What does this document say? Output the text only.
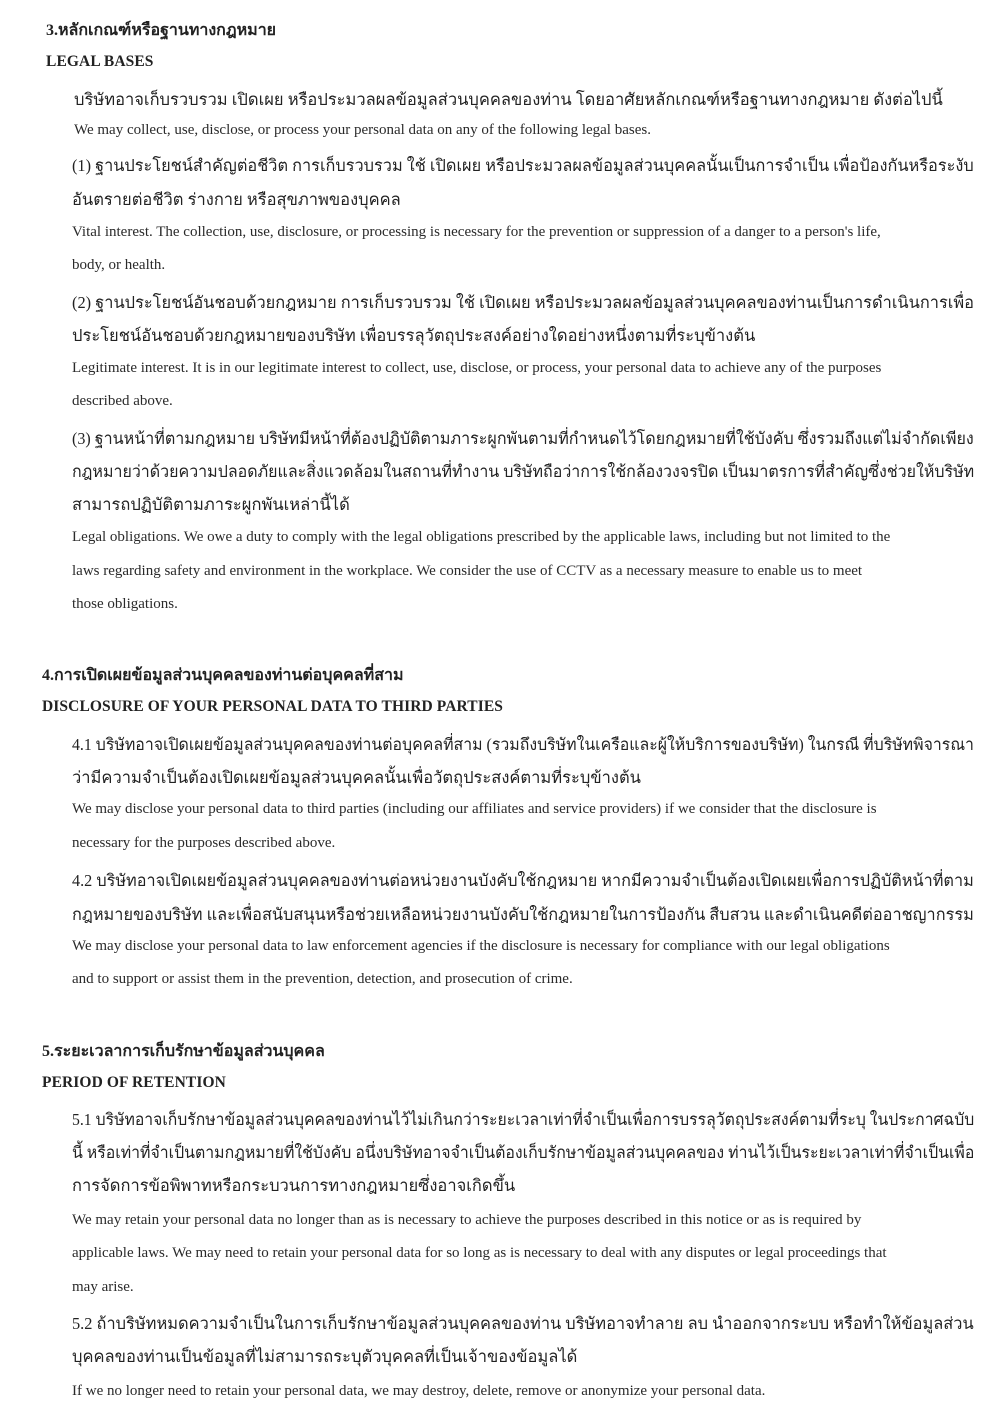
3.หลักเกณฑ์หรือฐานทางกฎหมาย
LEGAL BASES
บริษัทอาจเก็บรวบรวม เปิดเผย หรือประมวลผลข้อมูลส่วนบุคคลของท่าน โดยอาศัยหลักเกณฑ์หรือฐานทางกฎหมาย ดังต่อไปนี้
We may collect, use, disclose, or process your personal data on any of the following legal bases.
(1) ฐานประโยชน์สำคัญต่อชีวิต การเก็บรวบรวม ใช้ เปิดเผย หรือประมวลผลข้อมูลส่วนบุคคลนั้นเป็นการจำเป็น เพื่อป้องกันหรือระงับ
อันตรายต่อชีวิต ร่างกาย หรือสุขภาพของบุคคล
Vital interest. The collection, use, disclosure, or processing is necessary for the prevention or suppression of a danger to a person's life,
body, or health.
(2) ฐานประโยชน์อันชอบด้วยกฎหมาย การเก็บรวบรวม ใช้ เปิดเผย หรือประมวลผลข้อมูลส่วนบุคคลของท่านเป็นการดำเนินการเพื่อ
ประโยชน์อันชอบด้วยกฎหมายของบริษัท เพื่อบรรลุวัตถุประสงค์อย่างใดอย่างหนึ่งตามที่ระบุข้างต้น
Legitimate interest. It is in our legitimate interest to collect, use, disclose, or process, your personal data to achieve any of the purposes
described above.
(3) ฐานหน้าที่ตามกฎหมาย บริษัทมีหน้าที่ต้องปฏิบัติตามภาระผูกพันตามที่กำหนดไว้โดยกฎหมายที่ใช้บังคับ ซึ่งรวมถึงแต่ไม่จำกัดเพียง
กฎหมายว่าด้วยความปลอดภัยและสิ่งแวดล้อมในสถานที่ทำงาน บริษัทถือว่าการใช้กล้องวงจรปิด เป็นมาตรการที่สำคัญซึ่งช่วยให้บริษัท
สามารถปฏิบัติตามภาระผูกพันเหล่านี้ได้
Legal obligations. We owe a duty to comply with the legal obligations prescribed by the applicable laws, including but not limited to the
laws regarding safety and environment in the workplace. We consider the use of CCTV as a necessary measure to enable us to meet
those obligations.
4.การเปิดเผยข้อมูลส่วนบุคคลของท่านต่อบุคคลที่สาม
DISCLOSURE OF YOUR PERSONAL DATA TO THIRD PARTIES
4.1 บริษัทอาจเปิดเผยข้อมูลส่วนบุคคลของท่านต่อบุคคลที่สาม (รวมถึงบริษัทในเครือและผู้ให้บริการของบริษัท) ในกรณี ที่บริษัทพิจารณา
ว่ามีความจำเป็นต้องเปิดเผยข้อมูลส่วนบุคคลนั้นเพื่อวัตถุประสงค์ตามที่ระบุข้างต้น
We may disclose your personal data to third parties (including our affiliates and service providers) if we consider that the disclosure is
necessary for the purposes described above.
4.2 บริษัทอาจเปิดเผยข้อมูลส่วนบุคคลของท่านต่อหน่วยงานบังคับใช้กฎหมาย หากมีความจำเป็นต้องเปิดเผยเพื่อการปฏิบัติหน้าที่ตาม
กฎหมายของบริษัท และเพื่อสนับสนุนหรือช่วยเหลือหน่วยงานบังคับใช้กฎหมายในการป้องกัน สืบสวน และดำเนินคดีต่ออาชญากรรม
We may disclose your personal data to law enforcement agencies if the disclosure is necessary for compliance with our legal obligations
and to support or assist them in the prevention, detection, and prosecution of crime.
5.ระยะเวลาการเก็บรักษาข้อมูลส่วนบุคคล
PERIOD OF RETENTION
5.1 บริษัทอาจเก็บรักษาข้อมูลส่วนบุคคลของท่านไว้ไม่เกินกว่าระยะเวลาเท่าที่จำเป็นเพื่อการบรรลุวัตถุประสงค์ตามที่ระบุ ในประกาศฉบับ
นี้ หรือเท่าที่จำเป็นตามกฎหมายที่ใช้บังคับ อนึ่งบริษัทอาจจำเป็นต้องเก็บรักษาข้อมูลส่วนบุคคลของ ท่านไว้เป็นระยะเวลาเท่าที่จำเป็นเพื่อ
การจัดการข้อพิพาทหรือกระบวนการทางกฎหมายซึ่งอาจเกิดขึ้น
We may retain your personal data no longer than as is necessary to achieve the purposes described in this notice or as is required by
applicable laws. We may need to retain your personal data for so long as is necessary to deal with any disputes or legal proceedings that
may arise.
5.2 ถ้าบริษัทหมดความจำเป็นในการเก็บรักษาข้อมูลส่วนบุคคลของท่าน บริษัทอาจทำลาย ลบ นำออกจากระบบ หรือทำให้ข้อมูลส่วน
บุคคลของท่านเป็นข้อมูลที่ไม่สามารถระบุตัวบุคคลที่เป็นเจ้าของข้อมูลได้
If we no longer need to retain your personal data, we may destroy, delete, remove or anonymize your personal data.
